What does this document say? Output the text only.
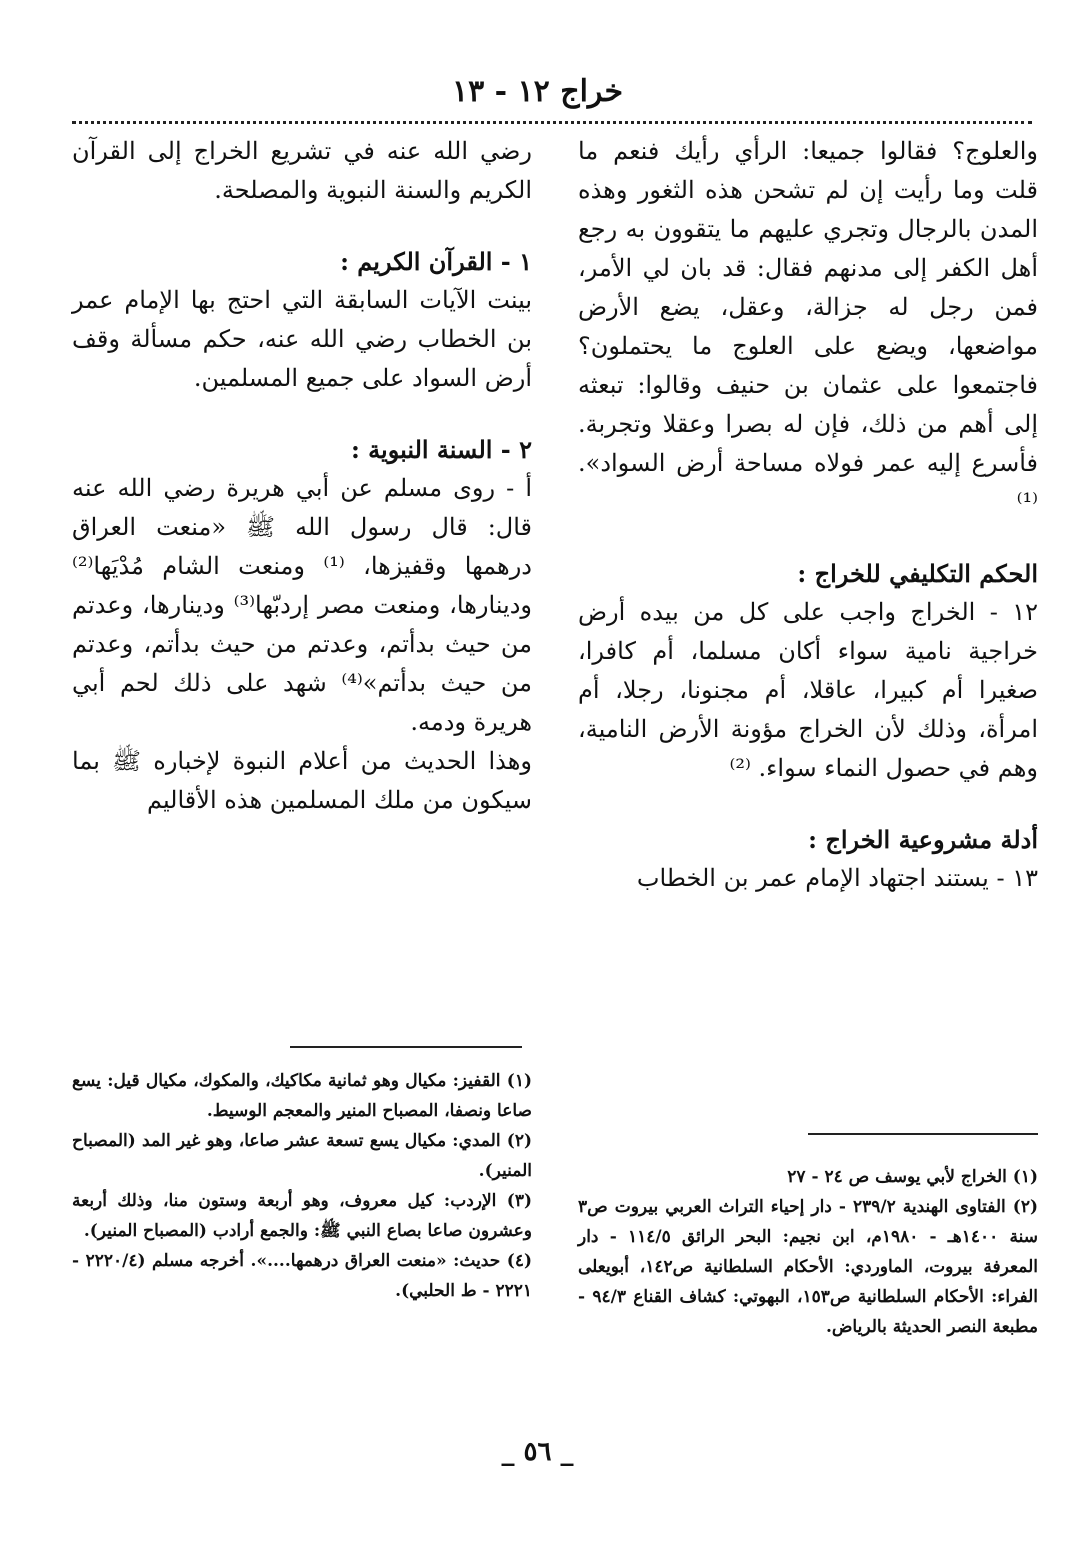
خراج ١٢ - ١٣

والعلوج؟ فقالوا جميعا: الرأي رأيك فنعم ما قلت وما رأيت إن لم تشحن هذه الثغور وهذه المدن بالرجال وتجري عليهم ما يتقوون به رجع أهل الكفر إلى مدنهم فقال: قد بان لي الأمر، فمن رجل له جزالة، وعقل، يضع الأرض مواضعها، ويضع على العلوج ما يحتملون؟ فاجتمعوا على عثمان بن حنيف وقالوا: تبعثه إلى أهم من ذلك، فإن له بصرا وعقلا وتجربة. فأسرع إليه عمر فولاه مساحة أرض السواد». ⁽¹⁾

الحكم التكليفي للخراج :

١٢ - الخراج واجب على كل من بيده أرض خراجية نامية سواء أكان مسلما، أم كافرا، صغيرا أم كبيرا، عاقلا، أم مجنونا، رجلا، أم امرأة، وذلك لأن الخراج مؤونة الأرض النامية، وهم في حصول النماء سواء. ⁽²⁾

أدلة مشروعية الخراج :

١٣ - يستند اجتهاد الإمام عمر بن الخطاب

رضي الله عنه في تشريع الخراج إلى القرآن الكريم والسنة النبوية والمصلحة.

١ - القرآن الكريم :

بينت الآيات السابقة التي احتج بها الإمام عمر بن الخطاب رضي الله عنه، حكم مسألة وقف أرض السواد على جميع المسلمين.

٢ - السنة النبوية :

أ - روى مسلم عن أبي هريرة رضي الله عنه قال: قال رسول الله ﷺ «منعت العراق درهمها وقفيزها، ⁽¹⁾ ومنعت الشام مُدْيَها⁽²⁾ ودينارها، ومنعت مصر إردبّها⁽³⁾ ودينارها، وعدتم من حيث بدأتم، وعدتم من حيث بدأتم، وعدتم من حيث بدأتم»⁽⁴⁾ شهد على ذلك لحم أبي هريرة ودمه.

وهذا الحديث من أعلام النبوة لإخباره ﷺ بما سيكون من ملك المسلمين هذه الأقاليم

(١) الخراج لأبي يوسف ص ٢٤ - ٢٧

(٢) الفتاوى الهندية ٢٣٩/٢ - دار إحياء التراث العربي بيروت ص٣ سنة ١٤٠٠هـ - ١٩٨٠م، ابن نجيم: البحر الرائق ١١٤/٥ - دار المعرفة بيروت، الماوردي: الأحكام السلطانية ص١٤٢، أبويعلى الفراء: الأحكام السلطانية ص١٥٣، البهوتي: كشاف القناع ٩٤/٣ - مطبعة النصر الحديثة بالرياض.

(١) القفيز: مكيال وهو ثمانية مكاكيك، والمكوك، مكيال قيل: يسع صاعا ونصفا، المصباح المنير والمعجم الوسيط.

(٢) المدي: مكيال يسع تسعة عشر صاعا، وهو غير المد (المصباح المنير).

(٣) الإردب: كيل معروف، وهو أربعة وستون منا، وذلك أربعة وعشرون صاعا بصاع النبي ﷺ: والجمع أرادب (المصباح المنير).

(٤) حديث: «منعت العراق درهمها....». أخرجه مسلم (٢٢٢٠/٤ - ٢٢٢١ - ط الحلبي).

_ ٥٦ _
